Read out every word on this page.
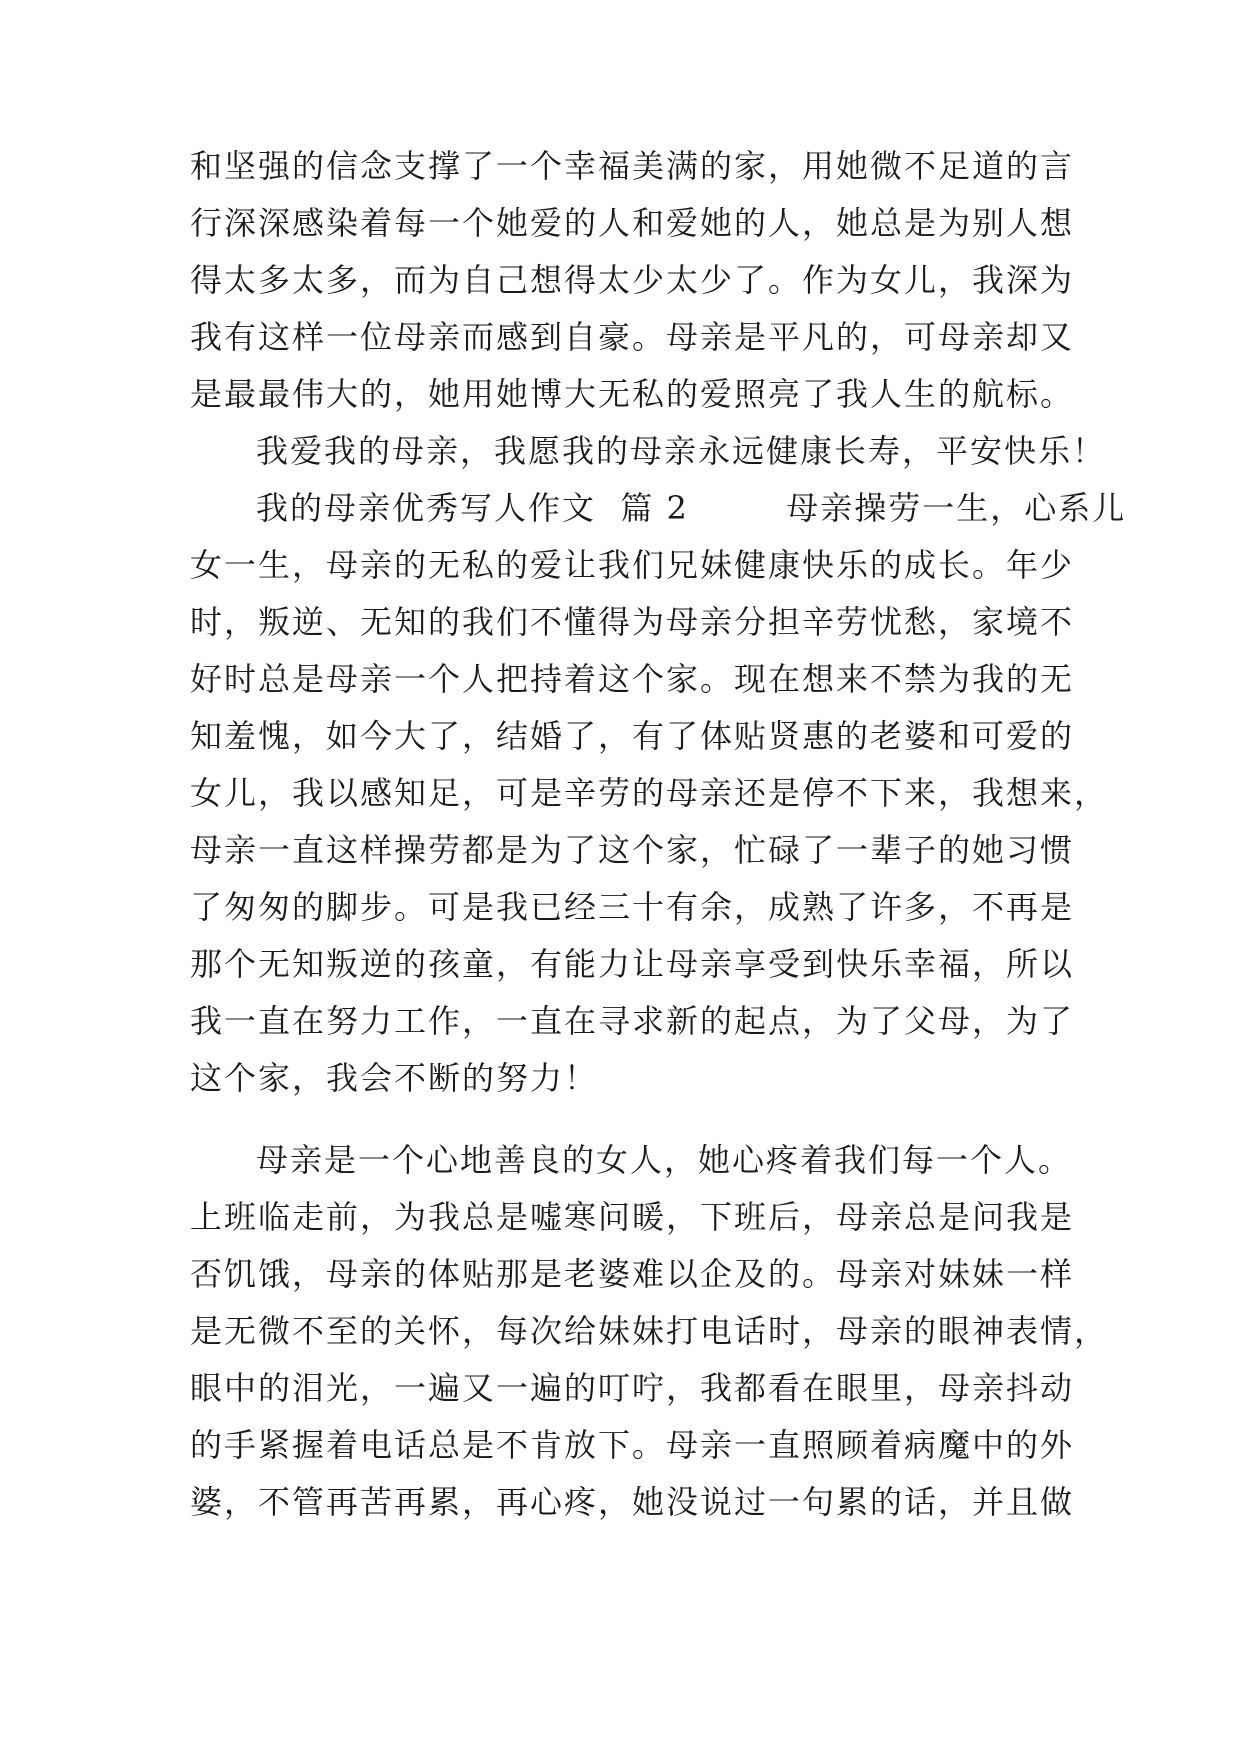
和坚强的信念支撑了一个幸福美满的家，用她微不足道的言
行深深感染着每一个她爱的人和爱她的人，她总是为别人想
得太多太多，而为自己想得太少太少了。作为女儿，我深为
我有这样一位母亲而感到自豪。母亲是平凡的，可母亲却又
是最最伟大的，她用她博大无私的爱照亮了我人生的航标。
我爱我的母亲，我愿我的母亲永远健康长寿，平安快乐！
我的母亲优秀写人作文  篇 2        母亲操劳一生，心系儿
女一生，母亲的无私的爱让我们兄妹健康快乐的成长。年少
时，叛逆、无知的我们不懂得为母亲分担辛劳忧愁，家境不
好时总是母亲一个人把持着这个家。现在想来不禁为我的无
知羞愧，如今大了，结婚了，有了体贴贤惠的老婆和可爱的
女儿，我以感知足，可是辛劳的母亲还是停不下来，我想来，
母亲一直这样操劳都是为了这个家，忙碌了一辈子的她习惯
了匆匆的脚步。可是我已经三十有余，成熟了许多，不再是
那个无知叛逆的孩童，有能力让母亲享受到快乐幸福，所以
我一直在努力工作，一直在寻求新的起点，为了父母，为了
这个家，我会不断的努力！
母亲是一个心地善良的女人，她心疼着我们每一个人。
上班临走前，为我总是嘘寒问暖，下班后，母亲总是问我是
否饥饿，母亲的体贴那是老婆难以企及的。母亲对妹妹一样
是无微不至的关怀，每次给妹妹打电话时，母亲的眼神表情，
眼中的泪光，一遍又一遍的叮咛，我都看在眼里，母亲抖动
的手紧握着电话总是不肯放下。母亲一直照顾着病魔中的外
婆，不管再苦再累，再心疼，她没说过一句累的话，并且做
